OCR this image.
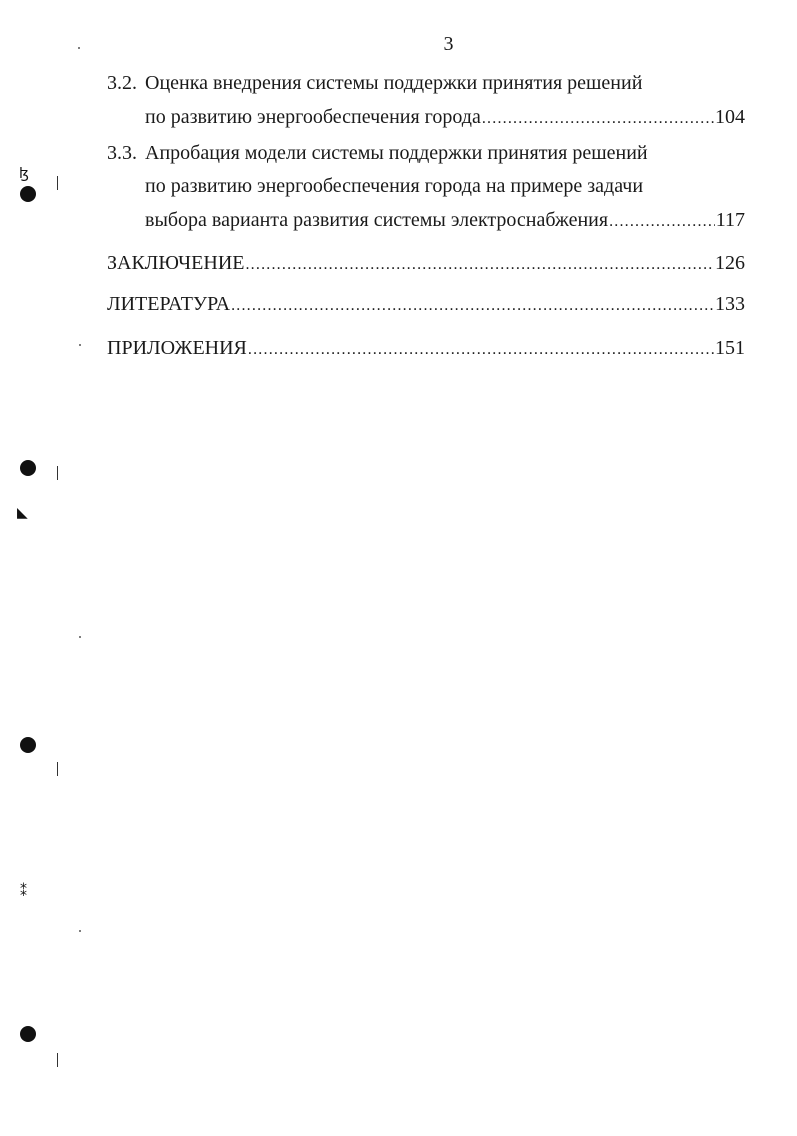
3
3.2. Оценка внедрения системы поддержки принятия решений
по развитию энергообеспечения города .....	104
3.3. Апробация модели системы поддержки принятия решений
по развитию энергообеспечения города на примере задачи
выбора варианта развития системы электроснабжения .....	117
ЗАКЛЮЧЕНИЕ .....	126
ЛИТЕРАТУРА .....	133
ПРИЛОЖЕНИЯ .....	151
ɮ
◣
⁑
